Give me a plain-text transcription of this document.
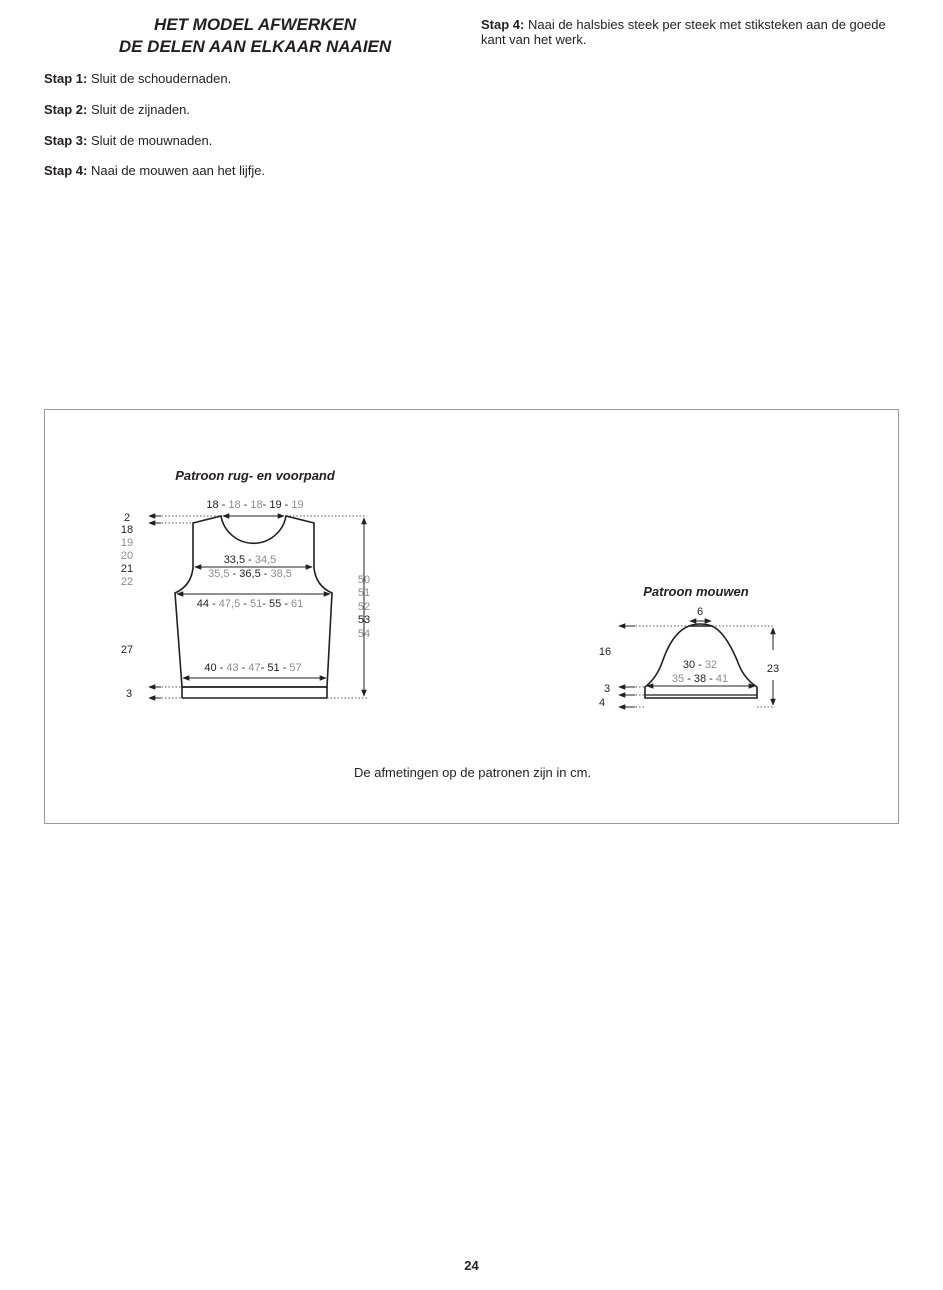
HET MODEL AFWERKEN
DE DELEN AAN ELKAAR NAAIEN
Stap 1: Sluit de schoudernaden.
Stap 2: Sluit de zijnaden.
Stap 3: Sluit de mouwnaden.
Stap 4: Naai de mouwen aan het lijfje.
Stap 4: Naai de halsbies steek per steek met stiksteken aan de goede kant van het werk.
Patroon rug- en voorpand
18 - 18 - 18- 19 - 19
33,5 - 34,5
35,5 - 36,5 - 38,5
44 - 47,5 - 51- 55 - 61
40 - 43 - 47- 51 - 57
2
18
19
20
21
22
27
3
50
51
52
53
54
Patroon mouwen
6
30 - 32
35 - 38 - 41
16
3
4
23
De afmetingen op de patronen zijn in cm.
24
